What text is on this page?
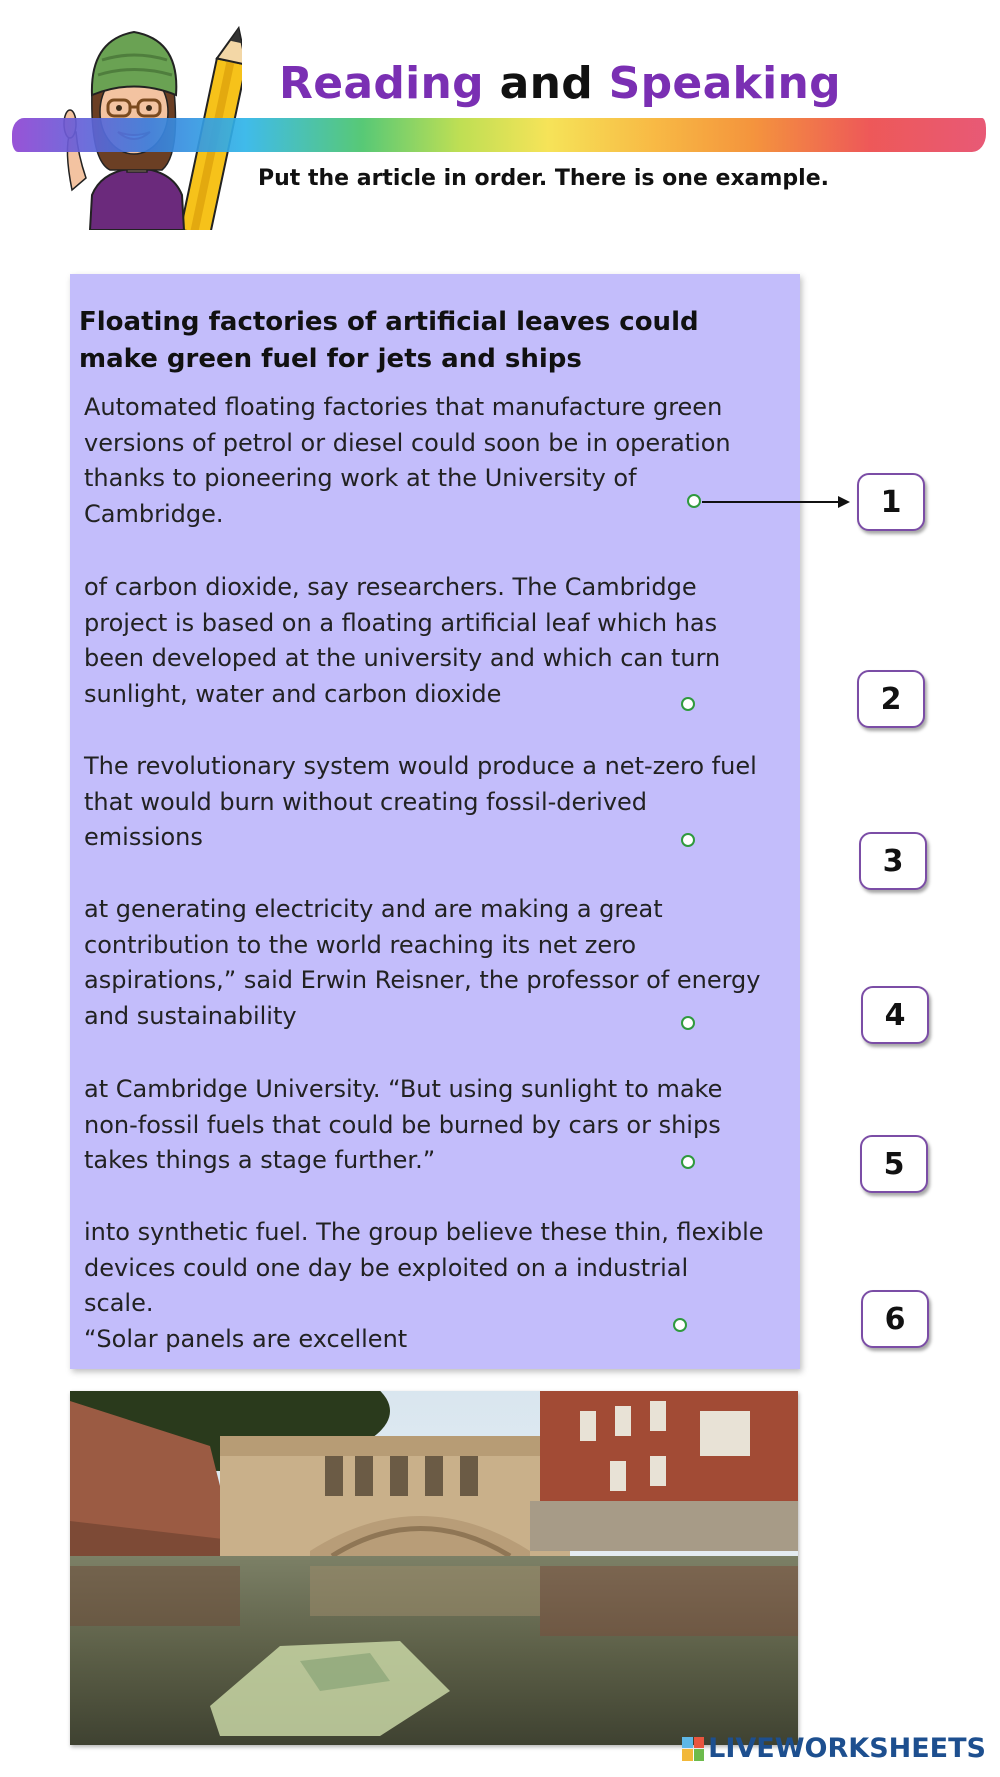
Reading and Speaking
Put the article in order. There is one example.
Floating factories of artificial leaves could make green fuel for jets and ships
Automated floating factories that manufacture green
versions of petrol or diesel could soon be in operation
thanks to pioneering work at the University of
Cambridge.
of carbon dioxide, say researchers. The Cambridge
project is based on a floating artificial leaf which has
been developed at the university and which can turn
sunlight, water and carbon dioxide
The revolutionary system would produce a net-zero fuel
that would burn without creating fossil-derived
emissions
at generating electricity and are making a great
contribution to the world reaching its net zero
aspirations,” said Erwin Reisner, the professor of energy
and sustainability
at Cambridge University. “But using sunlight to make
non-fossil fuels that could be burned by cars or ships
takes things a stage further.”
into synthetic fuel. The group believe these thin, flexible
devices could one day be exploited on a industrial
scale.
“Solar panels are excellent
1
2
3
4
5
6
LIVEWORKSHEETS
